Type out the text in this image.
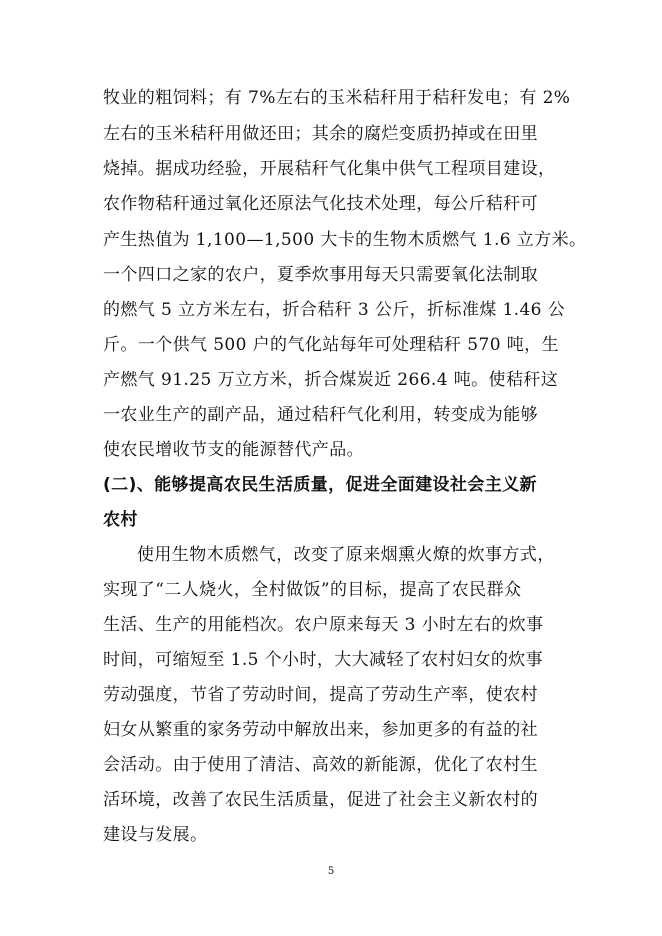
牧业的粗饲料；有 7%左右的玉米秸秆用于秸秆发电；有 2%
左右的玉米秸秆用做还田；其余的腐烂变质扔掉或在田里
烧掉。据成功经验，开展秸秆气化集中供气工程项目建设，
农作物秸秆通过氧化还原法气化技术处理，每公斤秸秆可
产生热值为 1,100—1,500 大卡的生物木质燃气 1.6 立方米。
一个四口之家的农户，夏季炊事用每天只需要氧化法制取
的燃气 5 立方米左右，折合秸秆 3 公斤，折标准煤 1.46 公
斤。一个供气 500 户的气化站每年可处理秸秆 570 吨，生
产燃气 91.25 万立方米，折合煤炭近 266.4 吨。使秸秆这
一农业生产的副产品，通过秸秆气化利用，转变成为能够
使农民增收节支的能源替代产品。
(二)、能够提高农民生活质量，促进全面建设社会主义新
农村
使用生物木质燃气，改变了原来烟熏火燎的炊事方式，
实现了“二人烧火，全村做饭”的目标，提高了农民群众
生活、生产的用能档次。农户原来每天 3 小时左右的炊事
时间，可缩短至 1.5 个小时，大大减轻了农村妇女的炊事
劳动强度，节省了劳动时间，提高了劳动生产率，使农村
妇女从繁重的家务劳动中解放出来，参加更多的有益的社
会活动。由于使用了清洁、高效的新能源，优化了农村生
活环境，改善了农民生活质量，促进了社会主义新农村的
建设与发展。
5
